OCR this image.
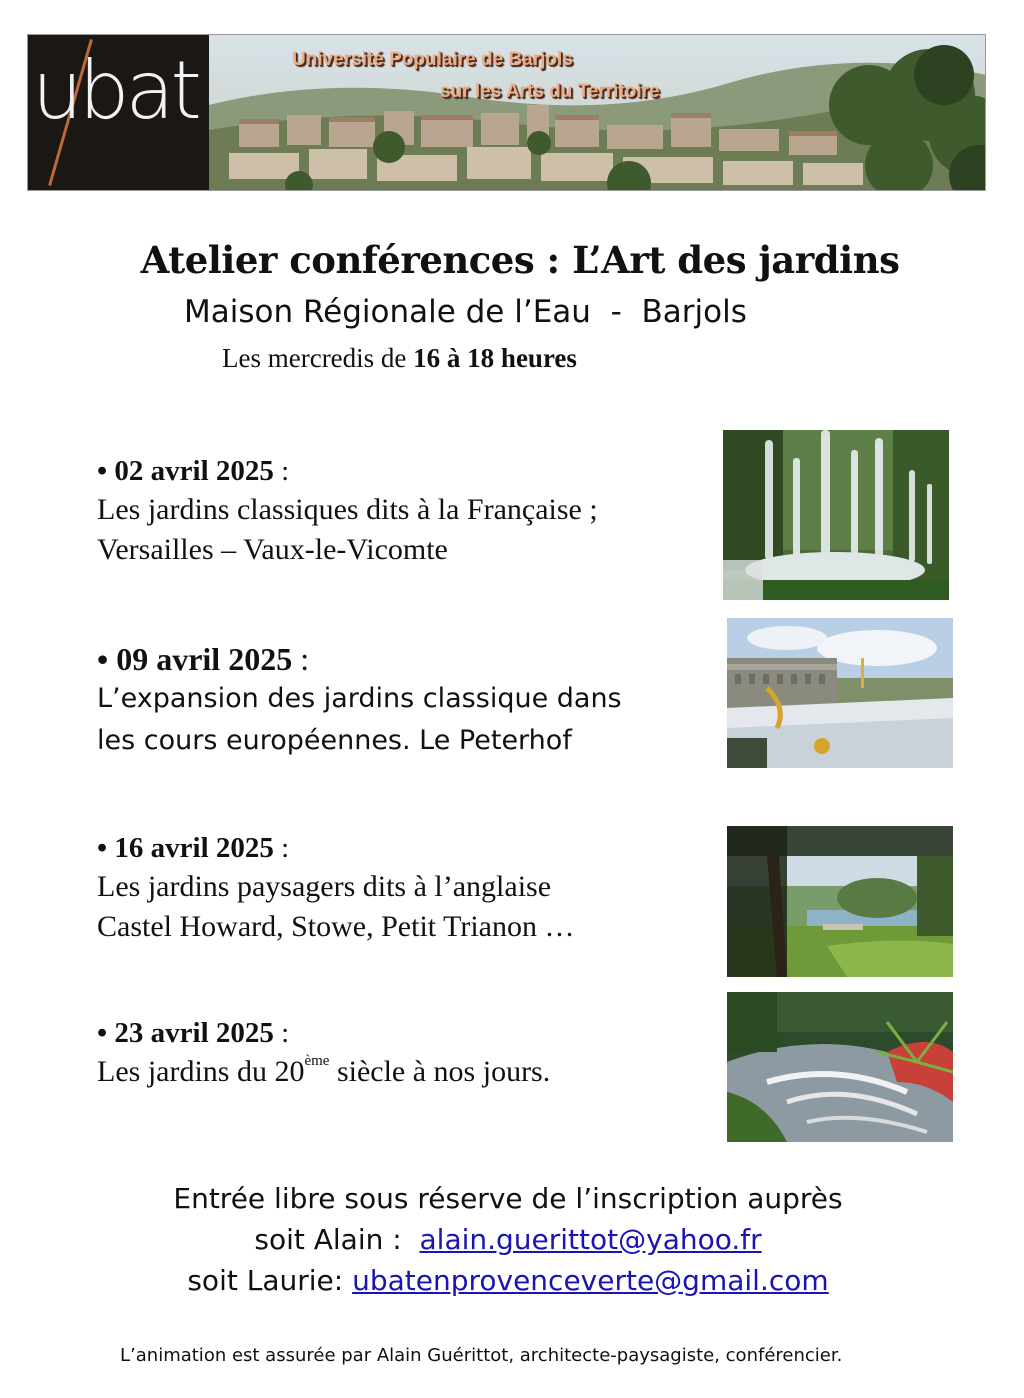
ubat	Université Populaire de Barjols
sur les Arts du Territoire
Atelier conférences : L’Art des jardins
Maison Régionale de l’Eau  -  Barjols
Les mercredis de 16 à 18 heures
• 02 avril 2025 :
Les jardins classiques dits à la Française ;
Versailles – Vaux-le-Vicomte
• 09 avril 2025 :
L’expansion des jardins classique dans
les cours européennes. Le Peterhof
• 16 avril 2025 :
Les jardins paysagers dits à l’anglaise
Castel Howard, Stowe, Petit Trianon …
• 23 avril 2025 :
Les jardins du 20ème siècle à nos jours.
Entrée libre sous réserve de l’inscription auprès
soit Alain :  alain.guerittot@yahoo.fr
soit Laurie: ubatenprovenceverte@gmail.com
L’animation est assurée par Alain Guérittot, architecte-paysagiste, conférencier.
